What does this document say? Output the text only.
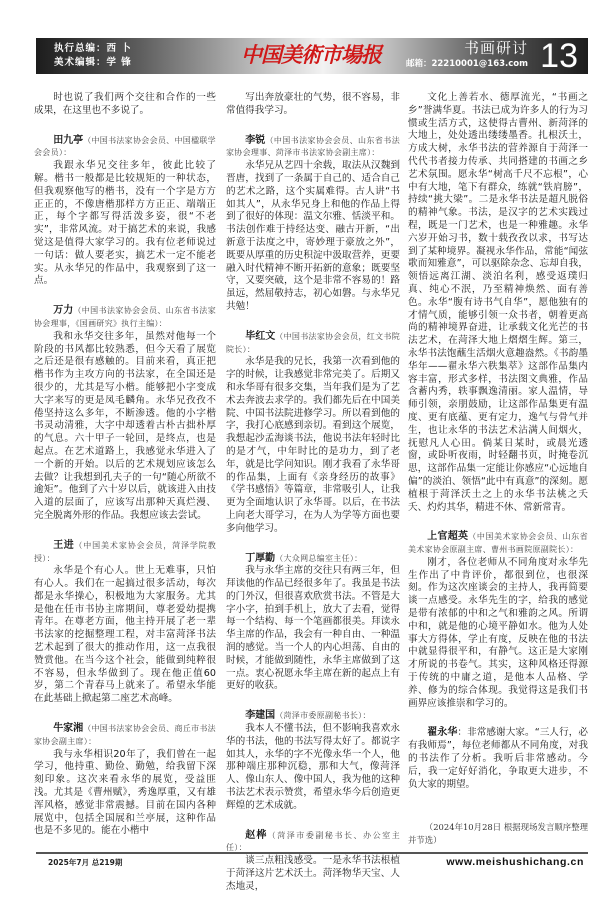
执行总编：西 卜
美术编辑：学 锋	中国美術市場报	书画研讨
邮箱：22210001@163.com 13

时也说了我们两个交往和合作的一些成果，在这里也不多说了。

田九亭（中国书法家协会会员、中国楹联学会会员）：

我跟永华兄交往多年，彼此比较了解。楷书一般都是比较规矩的一种状态，但我观察他写的楷书，没有一个字是方方正正的，不像唐楷那样方方正正、端端正正，每个字都写得活泼多姿，很“不老实”，非常风流。对于搞艺术的来说，我感觉这是值得大家学习的。我有位老师说过一句话：做人要老实，搞艺术一定不能老实。从永华兄的作品中，我观察到了这一点。

万力（中国书法家协会会员、山东省书法家协会理事，《国画研究》执行主编）：

我和永华交往多年，虽然对他每一个阶段的书风都比较熟悉，但今天看了展览之后还是很有感触的。目前来看，真正把楷书作为主攻方向的书法家，在全国还是很少的，尤其是写小楷。能够把小字变成大字来写的更是凤毛麟角。永华兄孜孜不倦坚持这么多年，不断渗透。他的小字楷书灵动清雅，大字中却透着古朴古拙朴厚的气息。六十甲子一轮回，是终点，也是起点。在艺术道路上，我感觉永华进入了一个新的开始。以后的艺术规划应该怎么去做？让我想到孔夫子的一句“随心所欲不逾矩”。他到了六十岁以后，就该进入由技入道的层面了，应该写出那种天真烂漫、完全脱离外形的作品。我想应该去尝试。

王进（中国美术家协会会员，菏泽学院教授）：

永华是个有心人。世上无难事，只怕有心人。我们在一起搞过很多活动，每次都是永华操心，积极地为大家服务。尤其是他在任市书协主席期间，尊老爱幼提携青年。在尊老方面，他主持开展了老一辈书法家的挖掘整理工程，对丰富菏泽书法艺术起到了很大的推动作用，这一点我很赞赏他。在当今这个社会，能做到纯粹很不容易，但永华做到了。现在他正值60岁，第二个青春马上就来了。希望永华能在此基础上掀起第二座艺术高峰。

牛家湘（中国书法家协会会员、商丘市书法家协会副主席）：

我与永华相识20年了，我们曾在一起学习，他持重、勤俭、勤勉，给我留下深刻印象。这次来看永华的展览，受益匪浅。尤其是《曹州赋》，秀逸厚重，又有雄浑风格，感觉非常震撼。目前在国内各种展览中，包括全国展和兰亭展，这种作品也是不多见的。能在小楷中

写出奔放豪壮的气势，很不容易，非常值得我学习。

李锐（中国书法家协会会员、山东省书法家协会理事、菏泽市书法家协会副主席）：

永华兄从艺四十余载，取法从汉魏到晋唐，找到了一条属于自己的、适合自己的艺术之路，这个实属难得。古人讲“书如其人”，从永华兄身上和他的作品上得到了很好的体现：温文尔雅、恬淡平和。书法创作难于持经达变、融古开新，“出新意于法度之中，寄妙理于豪放之外”，既要从厚重的历史积淀中汲取营养，更要融入时代精神不断开拓新的意象；既要坚守，又要突破，这个是非常不容易的！路虽远，然屈敬持志，初心如磐。与永华兄共勉！

毕红文（中国书法家协会会员，红文书院院长）：

永华是我的兄长，我第一次看到他的字的时候，让我感觉非常完美了。后期又和永华哥有很多交集，当年我们是为了艺术去奔波去求学的。我们都先后在中国美院、中国书法院进修学习。所以看到他的字，我打心底感到亲切。看到这个展览，我想起沙孟海谈书法，他说书法年轻时比的是才气，中年时比的是功力，到了老年，就是比学问知识。刚才我看了永华哥的作品集，上面有《亲身经历的故事》《学书感悟》等篇章，非常吸引人，让我更为全面地认识了永华哥。以后，在书法上向老大哥学习，在为人为学等方面也要多向他学习。

丁厚勤（大众网总编室主任）：

我与永华主席的交往只有两三年，但拜读他的作品已经很多年了。我虽是书法的门外汉，但很喜欢欣赏书法。不管是大字小字，拍到手机上，放大了去看，觉得每一个结构、每一个笔画都很美。拜读永华主席的作品，我会有一种自由、一种温润的感觉。当一个人的内心坦荡、自由的时候，才能做到随性，永华主席做到了这一点。衷心祝愿永华主席在新的起点上有更好的收获。

李建国（菏泽市委原副秘书长）：

我本人不懂书法，但不影响我喜欢永华的书法，他的书法写得太好了。都说字如其人，永华的字不光像永华一个人，他那种端庄那种沉稳，那和大气，像菏泽人、像山东人、像中国人，我为他的这种书法艺术表示赞赏，希望永华今后创造更辉煌的艺术成就。

赵桦（菏泽市委副秘书长、办公室主任）：

谈三点粗浅感受。一是永华书法根植于菏泽这片艺术沃土。菏泽物华天宝、人杰地灵，

文化上善若水、德厚流光，“书画之乡”誉满华夏。书法已成为许多人的行为习惯或生活方式，这使得古曹州、新菏泽的大地上，处处透出缕缕墨香。扎根沃土，方成大树，永华书法的营养源自于菏泽一代代书者接力传承、共同搭建的书画之乡艺术氛围。愿永华“树高千尺不忘根”，心中有大地，笔下有群众，练就“铁肩膀”，持续“挑大梁”。二是永华书法是超凡脱俗的精神气象。书法，是汉字的艺术实践过程，既是一门艺术，也是一种雅趣。永华六岁开始习书，数十载孜孜以求，书写达到了某种境界。凝视永华作品，常能“闻弦歌而知雅意”，可以驱除杂念、忘却自我，领悟远离江湖、淡泊名利，感受返璞归真、纯心不泯，乃至精神焕然、面有善色。永华“腹有诗书气自华”，愿他独有的才情气质，能够引领一众书者，朝着更高尚的精神境界奋进，让承载文化光芒的书法艺术，在菏泽大地上熠熠生辉。第三，永华书法饱蘸生活烟火意趣盎然。《书韵墨华年——翟永华六秩集萃》这部作品集内容丰富，形式多样，书法图文典雅，作品含蓄内秀，轶事飘逸清丽。家人温情，导师引领，亲朋鼓励，让这部作品集更有温度、更有底蕴、更有定力，逸气与骨气并生，也让永华的书法艺术沾满人间烟火，抚慰凡人心田。倘某日某时，或晨光透窗，或卧听夜雨，时轻翻书页，时掩卷沉思，这部作品集一定能让你感应“心远地自偏”的淡泊、领悟“此中有真意”的深刻。愿植根于菏泽沃土之上的永华书法桃之夭夭、灼灼其华，精进不休、常新常青。

上官超英（中国美术家协会会员、山东省美术家协会原副主席、曹州书画院原副院长）：

刚才，各位老师从不同角度对永华先生作出了中肯评价，都很到位，也很深刻。作为这次座谈会的主持人，我再简要谈一点感受。永华先生的字，给我的感觉是带有浓郁的中和之气和雅韵之风。所谓中和，就是他的心境平静如水。他为人处事大方得体，学止有度，反映在他的书法中就显得很平和，有静气。这正是大家刚才所说的书卷气。其实，这种风格还得源于传统的中庸之道，是他本人品格、学养、修为的综合体现。我觉得这是我们书画界应该推崇和学习的。

翟永华：非常感谢大家。“三人行，必有我师焉”，每位老师都从不同角度，对我的书法作了分析。我听后非常感动。今后，我一定好好消化，争取更大进步，不负大家的期望。

（2024年10月28日 根据现场发言顺序整理并节选）

2025年7月 总219期	www.meishushichang.cn
